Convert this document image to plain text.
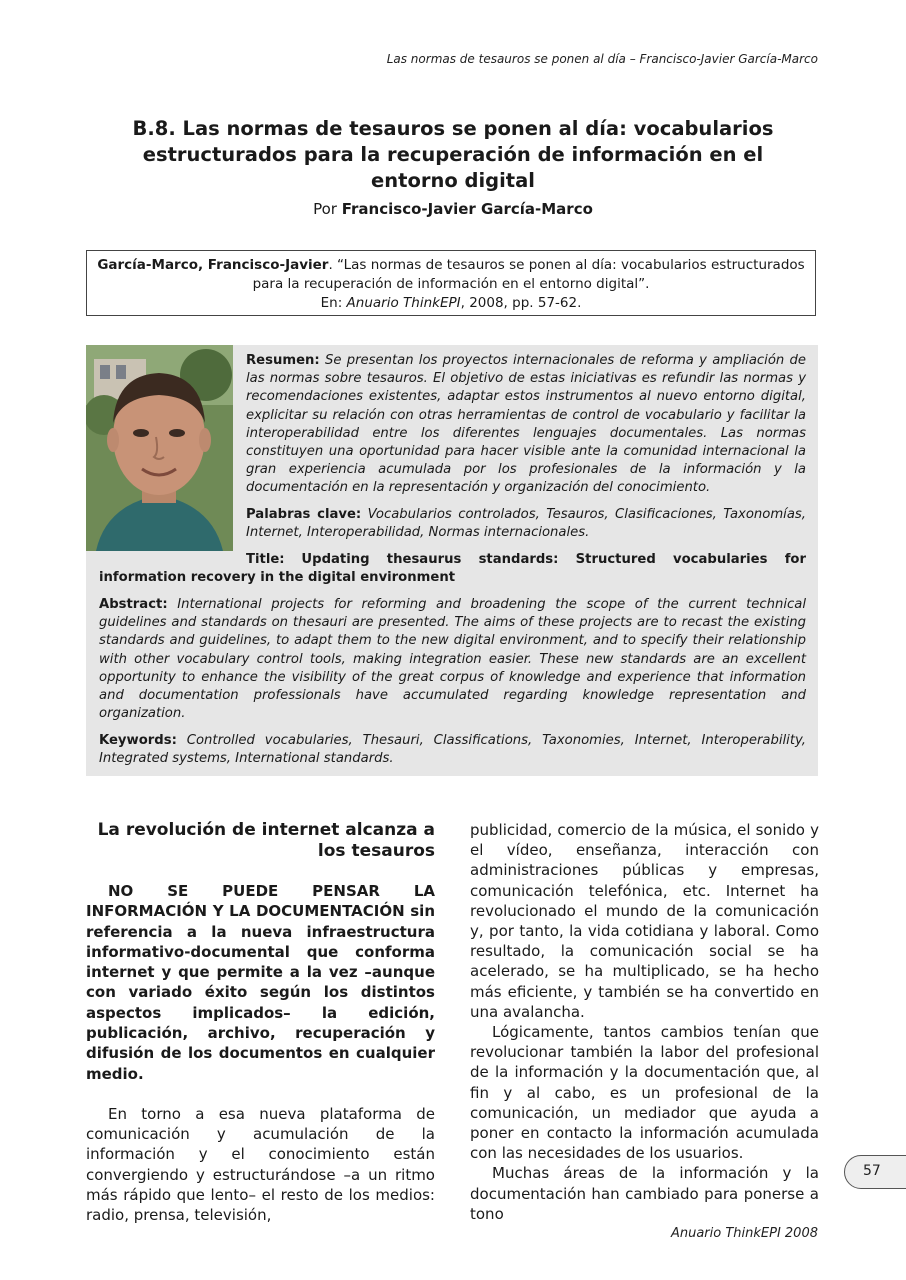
Las normas de tesauros se ponen al día – Francisco-Javier García-Marco
B.8. Las normas de tesauros se ponen al día: vocabularios estructurados para la recuperación de información en el entorno digital
Por Francisco-Javier García-Marco
García-Marco, Francisco-Javier. “Las normas de tesauros se ponen al día: vocabularios estructurados para la recuperación de información en el entorno digital”.
En: Anuario ThinkEPI, 2008, pp. 57-62.
Resumen: Se presentan los proyectos internacionales de reforma y ampliación de las normas sobre tesauros. El objetivo de estas iniciativas es refundir las normas y recomendaciones existentes, adaptar estos instrumentos al nuevo entorno digital, explicitar su relación con otras herramientas de control de vocabulario y facilitar la interoperabilidad entre los diferentes lenguajes documentales. Las normas constituyen una oportunidad para hacer visible ante la comunidad internacional la gran experiencia acumulada por los profesionales de la información y la documentación en la representación y organización del conocimiento.
Palabras clave: Vocabularios controlados, Tesauros, Clasificaciones, Taxonomías, Internet, Interoperabilidad, Normas internacionales.
Title: Updating thesaurus standards: Structured vocabularies for information recovery in the digital environment
Abstract: International projects for reforming and broadening the scope of the current technical guidelines and standards on thesauri are presented. The aims of these projects are to recast the existing standards and guidelines, to adapt them to the new digital environment, and to specify their relationship with other vocabulary control tools, making integration easier. These new standards are an excellent opportunity to enhance the visibility of the great corpus of knowledge and experience that information and documentation professionals have accumulated regarding knowledge representation and organization.
Keywords: Controlled vocabularies, Thesauri, Classifications, Taxonomies, Internet, Interoperability, Integrated systems, International standards.
La revolución de internet alcanza a los tesauros

NO SE PUEDE PENSAR LA INFORMACIÓN Y LA DOCUMENTACIÓN sin referencia a la nueva infraestructura informativo-documental que conforma internet y que permite a la vez –aunque con variado éxito según los distintos aspectos implicados– la edición, publicación, archivo, recuperación y difusión de los documentos en cualquier medio.

En torno a esa nueva plataforma de comunicación y acumulación de la información y el conocimiento están convergiendo y estructurándose –a un ritmo más rápido que lento– el resto de los medios: radio, prensa, televisión,

publicidad, comercio de la música, el sonido y el vídeo, enseñanza, interacción con administraciones públicas y empresas, comunicación telefónica, etc. Internet ha revolucionado el mundo de la comunicación y, por tanto, la vida cotidiana y laboral. Como resultado, la comunicación social se ha acelerado, se ha multiplicado, se ha hecho más eficiente, y también se ha convertido en una avalancha.

Lógicamente, tantos cambios tenían que revolucionar también la labor del profesional de la información y la documentación que, al fin y al cabo, es un profesional de la comunicación, un mediador que ayuda a poner en contacto la información acumulada con las necesidades de los usuarios.

Muchas áreas de la información y la documentación han cambiado para ponerse a tono

57
Anuario ThinkEPI 2008
